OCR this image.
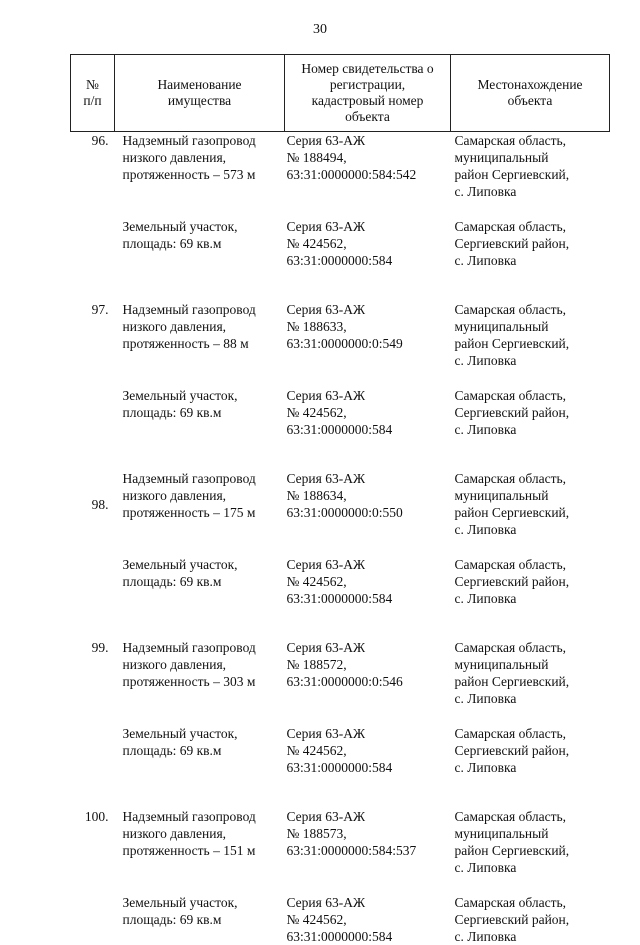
30
№
п/п	Наименование
имущества	Номер свидетельства о
регистрации,
кадастровый номер
объекта	Местонахождение
объекта

96.	Надземный газопровод
низкого давления,
протяженность – 573 м	Серия 63-АЖ
№ 188494,
63:31:0000000:584:542	Самарская область,
муниципальный
район Сергиевский,
с. Липовка

	Земельный участок,
площадь: 69 кв.м	Серия 63-АЖ
№ 424562,
63:31:0000000:584	Самарская область,
Сергиевский район,
с. Липовка

97.	Надземный газопровод
низкого давления,
протяженность – 88 м	Серия 63-АЖ
№ 188633,
63:31:0000000:0:549	Самарская область,
муниципальный
район Сергиевский,
с. Липовка

	Земельный участок,
площадь: 69 кв.м	Серия 63-АЖ
№ 424562,
63:31:0000000:584	Самарская область,
Сергиевский район,
с. Липовка

98.	Надземный газопровод
низкого давления,
протяженность – 175 м	Серия 63-АЖ
№ 188634,
63:31:0000000:0:550	Самарская область,
муниципальный
район Сергиевский,
с. Липовка

	Земельный участок,
площадь: 69 кв.м	Серия 63-АЖ
№ 424562,
63:31:0000000:584	Самарская область,
Сергиевский район,
с. Липовка

99.	Надземный газопровод
низкого давления,
протяженность – 303 м	Серия 63-АЖ
№ 188572,
63:31:0000000:0:546	Самарская область,
муниципальный
район Сергиевский,
с. Липовка

	Земельный участок,
площадь: 69 кв.м	Серия 63-АЖ
№ 424562,
63:31:0000000:584	Самарская область,
Сергиевский район,
с. Липовка

100.	Надземный газопровод
низкого давления,
протяженность – 151 м	Серия 63-АЖ
№ 188573,
63:31:0000000:584:537	Самарская область,
муниципальный
район Сергиевский,
с. Липовка

	Земельный участок,
площадь: 69 кв.м	Серия 63-АЖ
№ 424562,
63:31:0000000:584	Самарская область,
Сергиевский район,
с. Липовка
